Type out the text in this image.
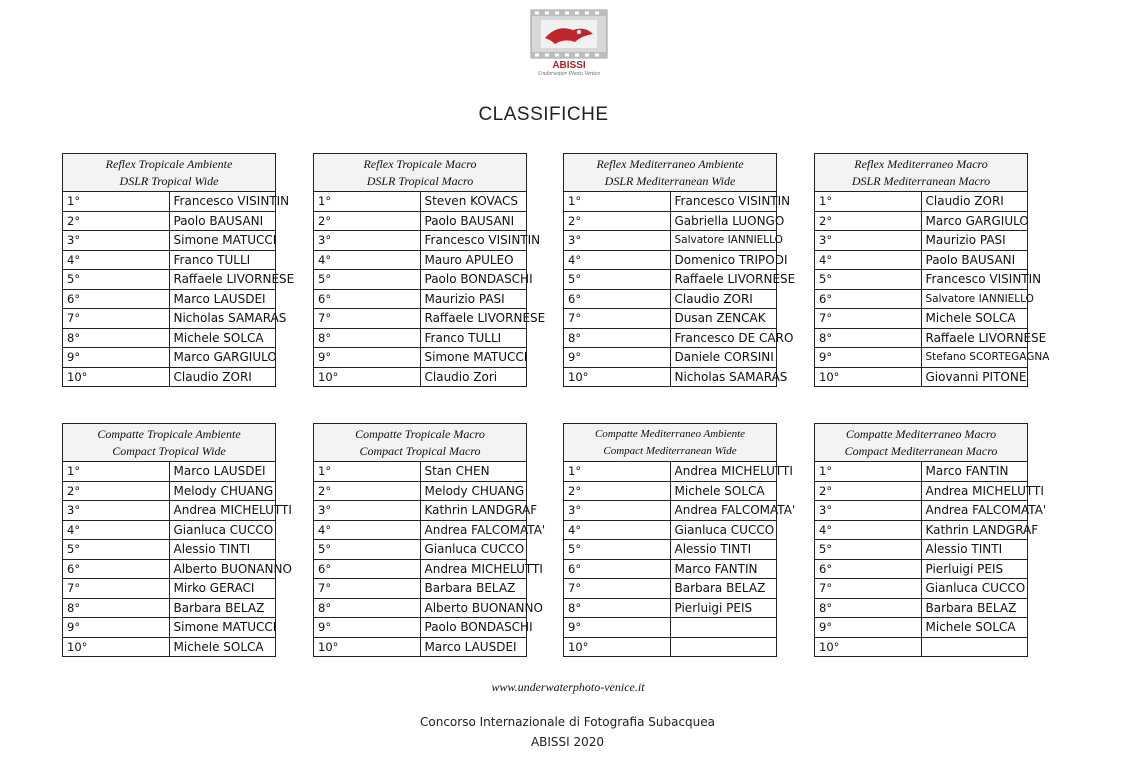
ABISSI
Underwater Photo Venice
CLASSIFICHE
Reflex Tropicale Ambiente
DSLR Tropical Wide	

1°	Francesco VISINTIN
2°	Paolo BAUSANI
3°	Simone MATUCCI
4°	Franco TULLI
5°	Raffaele LIVORNESE
6°	Marco LAUSDEI
7°	Nicholas SAMARAS
8°	Michele SOLCA
9°	Marco GARGIULO
10°	Claudio ZORI
Reflex Tropicale Macro
DSLR Tropical Macro	

1°	Steven KOVACS
2°	Paolo BAUSANI
3°	Francesco VISINTIN
4°	Mauro APULEO
5°	Paolo BONDASCHI
6°	Maurizio PASI
7°	Raffaele LIVORNESE
8°	Franco TULLI
9°	Simone MATUCCI
10°	Claudio Zori
Reflex Mediterraneo Ambiente
DSLR Mediterranean Wide	

1°	Francesco VISINTIN
2°	Gabriella LUONGO
3°	Salvatore IANNIELLO
4°	Domenico TRIPODI
5°	Raffaele LIVORNESE
6°	Claudio ZORI
7°	Dusan ZENCAK
8°	Francesco DE CARO
9°	Daniele CORSINI
10°	Nicholas SAMARAS
Reflex Mediterraneo Macro
DSLR Mediterranean Macro	

1°	Claudio ZORI
2°	Marco GARGIULO
3°	Maurizio PASI
4°	Paolo BAUSANI
5°	Francesco VISINTIN
6°	Salvatore IANNIELLO
7°	Michele SOLCA
8°	Raffaele LIVORNESE
9°	Stefano SCORTEGAGNA
10°	Giovanni PITONE
Compatte Tropicale Ambiente
Compact Tropical Wide	

1°	Marco LAUSDEI
2°	Melody CHUANG
3°	Andrea MICHELUTTI
4°	Gianluca CUCCO
5°	Alessio TINTI
6°	Alberto BUONANNO
7°	Mirko GERACI
8°	Barbara BELAZ
9°	Simone MATUCCI
10°	Michele SOLCA
Compatte Tropicale Macro
Compact Tropical Macro	

1°	Stan CHEN
2°	Melody CHUANG
3°	Kathrin LANDGRAF
4°	Andrea FALCOMATA'
5°	Gianluca CUCCO
6°	Andrea MICHELUTTI
7°	Barbara BELAZ
8°	Alberto BUONANNO
9°	Paolo BONDASCHI
10°	Marco LAUSDEI
Compatte Mediterraneo Ambiente
Compact Mediterranean Wide	

1°	Andrea MICHELUTTI
2°	Michele SOLCA
3°	Andrea FALCOMATA'
4°	Gianluca CUCCO
5°	Alessio TINTI
6°	Marco FANTIN
7°	Barbara BELAZ
8°	Pierluigi PEIS
9°	
10°	
Compatte Mediterraneo Macro
Compact Mediterranean Macro	

1°	Marco FANTIN
2°	Andrea MICHELUTTI
3°	Andrea FALCOMATA'
4°	Kathrin LANDGRAF
5°	Alessio TINTI
6°	Pierluigi PEIS
7°	Gianluca CUCCO
8°	Barbara BELAZ
9°	Michele SOLCA
10°	
www.underwaterphoto-venice.it
Concorso Internazionale di Fotografia Subacquea
ABISSI 2020
